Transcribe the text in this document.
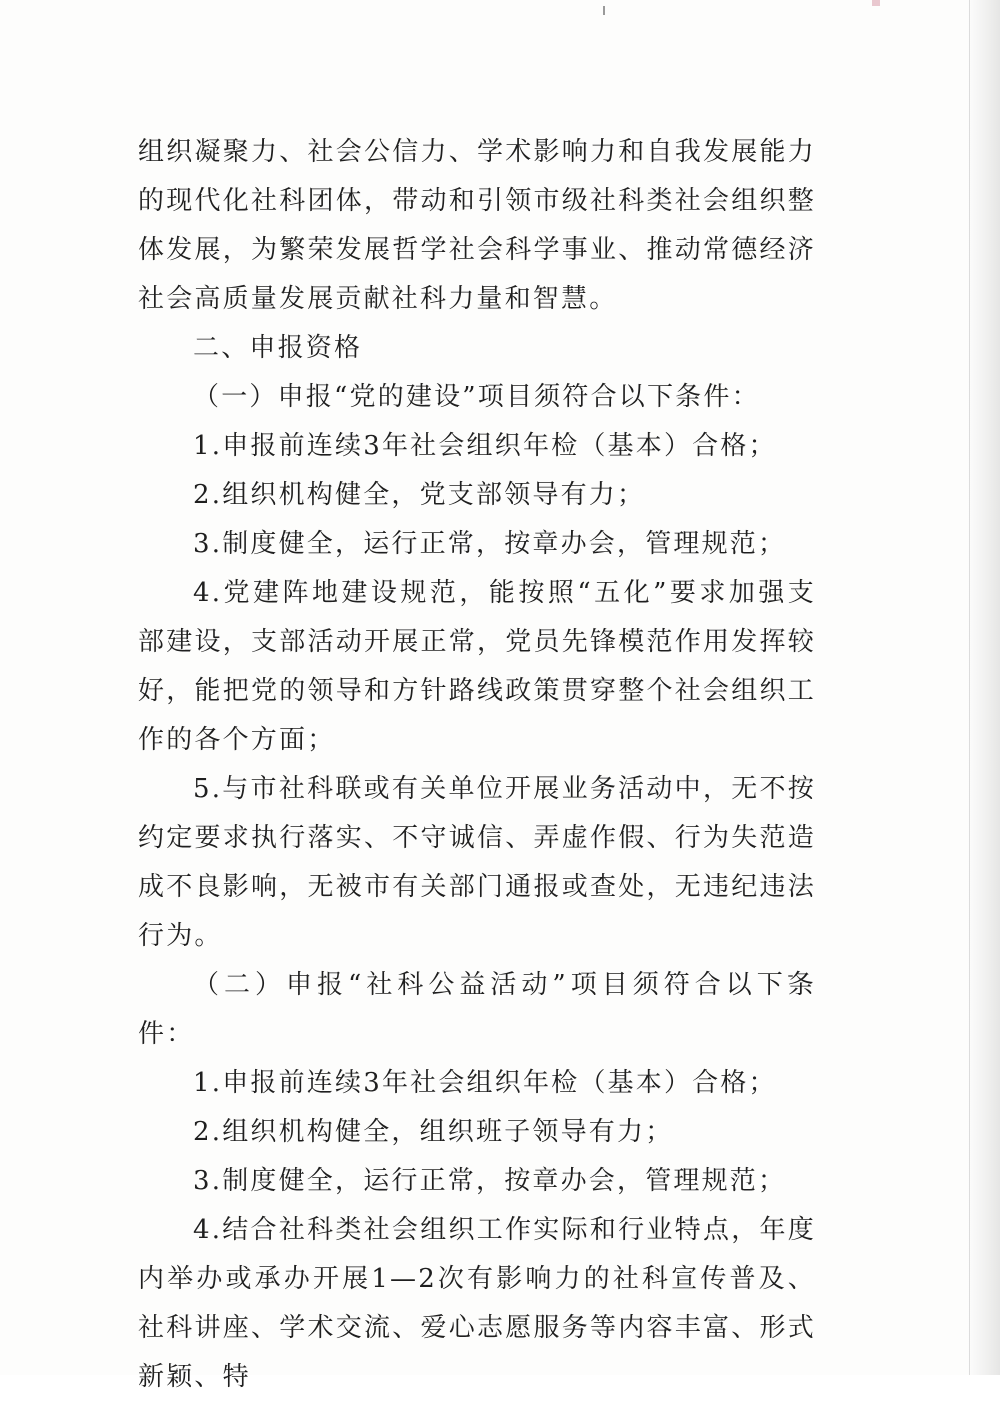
组织凝聚力、社会公信力、学术影响力和自我发展能力的现代化社科团体，带动和引领市级社科类社会组织整体发展，为繁荣发展哲学社会科学事业、推动常德经济社会高质量发展贡献社科力量和智慧。

二、申报资格

（一）申报“党的建设”项目须符合以下条件：

1.申报前连续3年社会组织年检（基本）合格；

2.组织机构健全，党支部领导有力；

3.制度健全，运行正常，按章办会，管理规范；

4.党建阵地建设规范，能按照“五化”要求加强支部建设，支部活动开展正常，党员先锋模范作用发挥较好，能把党的领导和方针路线政策贯穿整个社会组织工作的各个方面；

5.与市社科联或有关单位开展业务活动中，无不按约定要求执行落实、不守诚信、弄虚作假、行为失范造成不良影响，无被市有关部门通报或查处，无违纪违法行为。

（二）申报“社科公益活动”项目须符合以下条件：

1.申报前连续3年社会组织年检（基本）合格；

2.组织机构健全，组织班子领导有力；

3.制度健全，运行正常，按章办会，管理规范；

4.结合社科类社会组织工作实际和行业特点，年度内举办或承办开展1—2次有影响力的社科宣传普及、社科讲座、学术交流、爱心志愿服务等内容丰富、形式新颖、特
